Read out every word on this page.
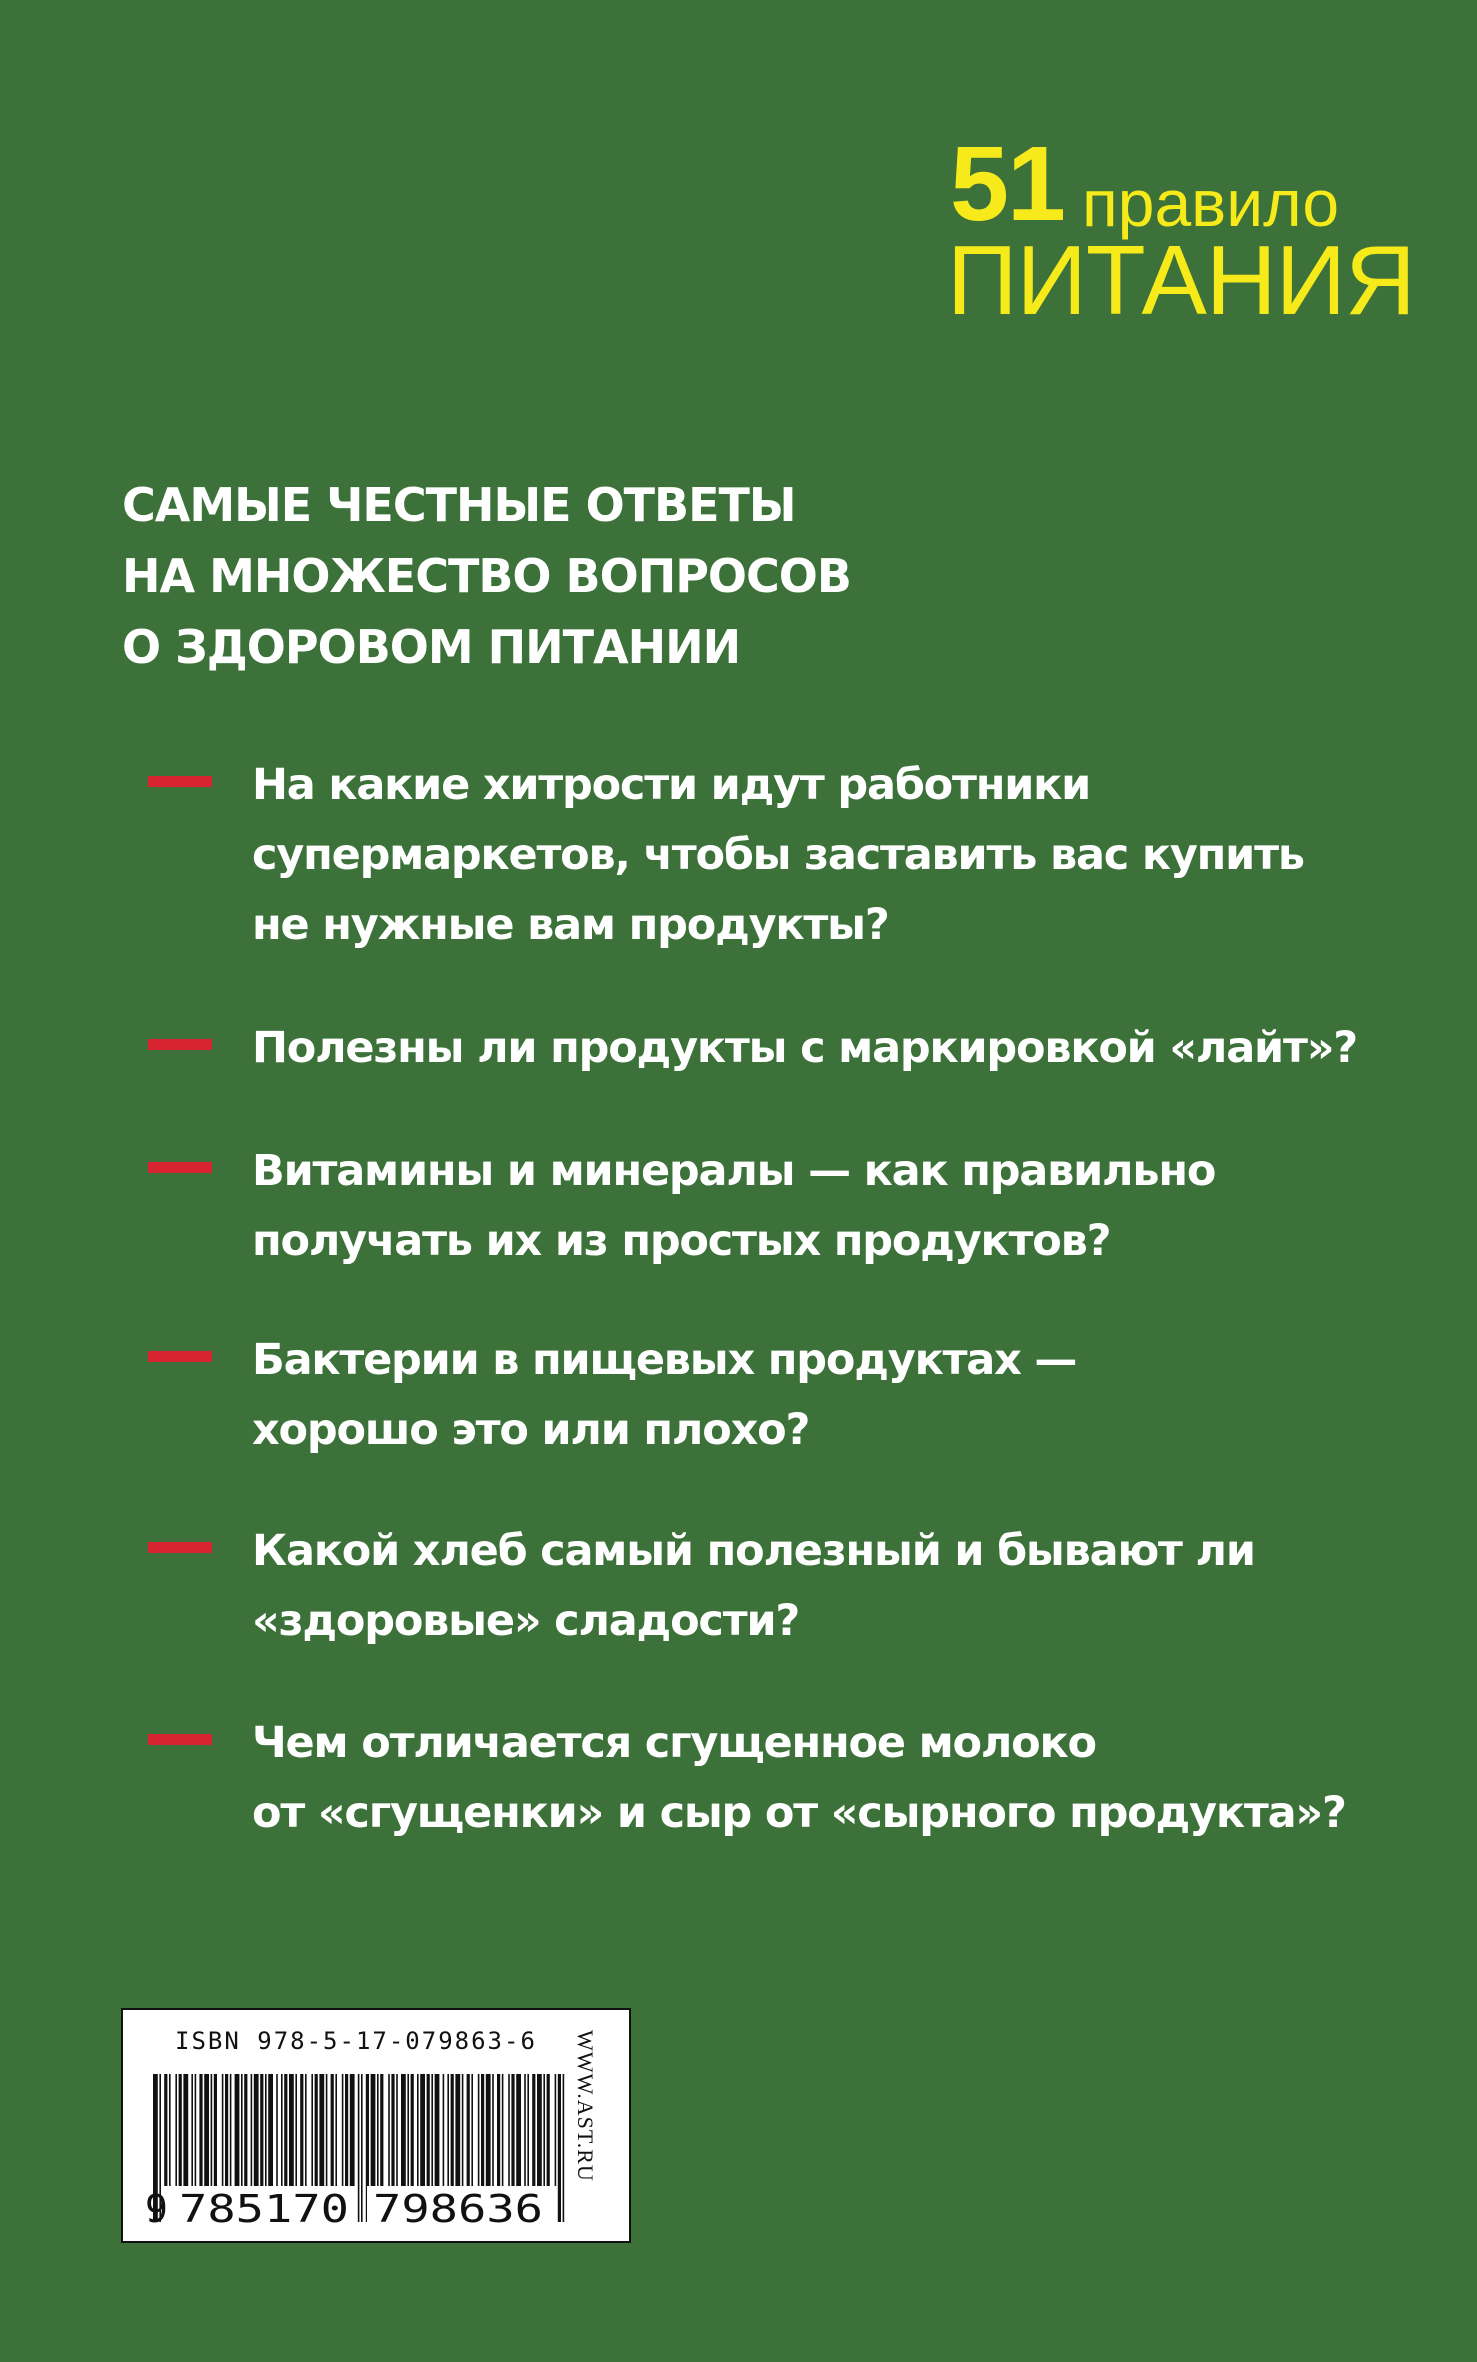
51 правило
ПИТАНИЯ
САМЫЕ ЧЕСТНЫЕ ОТВЕТЫ
НА МНОЖЕСТВО ВОПРОСОВ
О ЗДОРОВОМ ПИТАНИИ
На какие хитрости идут работники
супермаркетов, чтобы заставить вас купить
не нужные вам продукты?
Полезны ли продукты с маркировкой «лайт»?
Витамины и минералы — как правильно
получать их из простых продуктов?
Бактерии в пищевых продуктах —
хорошо это или плохо?
Какой хлеб самый полезный и бывают ли
«здоровые» сладости?
Чем отличается сгущенное молоко
от «сгущенки» и сыр от «сырного продукта»?
ISBN 978-5-17-079863-6
9 785170 798636
WWW.AST.RU
